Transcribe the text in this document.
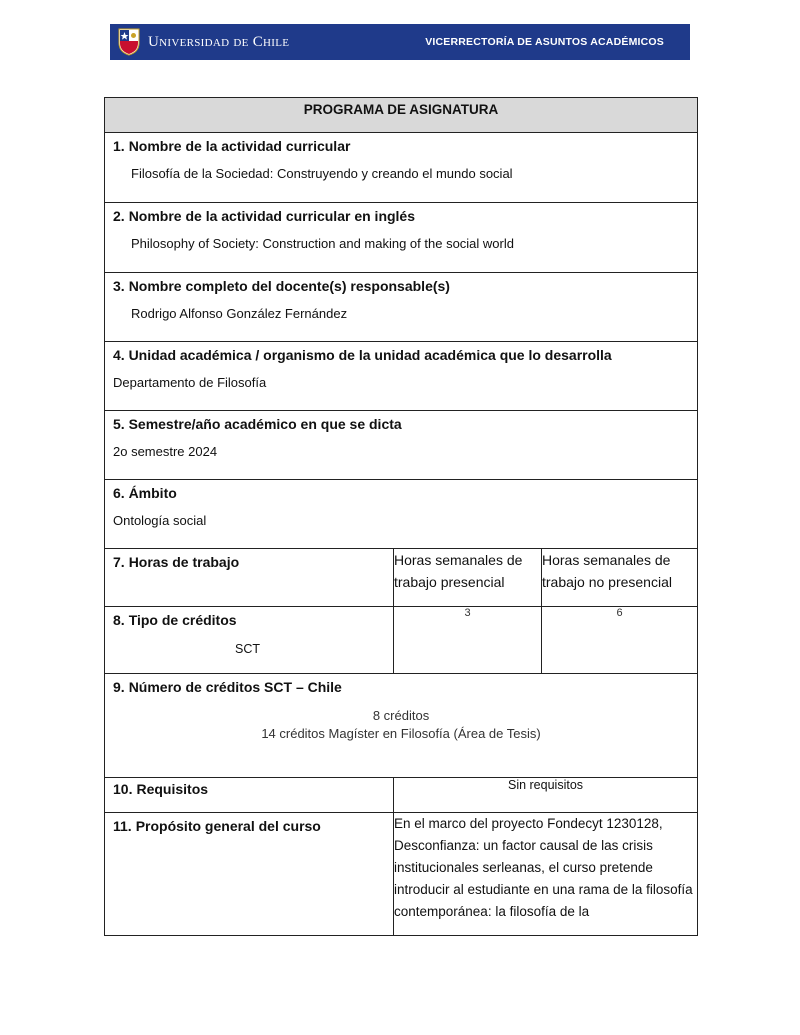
Universidad de Chile	VICERRECTORÍA DE ASUNTOS ACADÉMICOS
PROGRAMA DE ASIGNATURA		

1. Nombre de la actividad curricular
Filosofía de la Sociedad: Construyendo y creando el mundo social		

2. Nombre de la actividad curricular en inglés
Philosophy of Society: Construction and making of the social world		

3. Nombre completo del docente(s) responsable(s)
Rodrigo Alfonso González Fernández		

4. Unidad académica / organismo de la unidad académica que lo desarrolla
Departamento de Filosofía		

5. Semestre/año académico en que se dicta
2o semestre 2024		

6. Ámbito
Ontología social		

7. Horas de trabajo	Horas semanales de trabajo presencial	Horas semanales de trabajo no presencial

8. Tipo de créditos
SCT	3	6

9. Número de créditos SCT – Chile
8 créditos
14 créditos Magíster en Filosofía (Área de Tesis)		

10. Requisitos	Sin requisitos	

11. Propósito general del curso	En el marco del proyecto Fondecyt 1230128, Desconfianza: un factor causal de las crisis institucionales serleanas, el curso pretende introducir al estudiante en una rama de la filosofía contemporánea: la filosofía de la	
